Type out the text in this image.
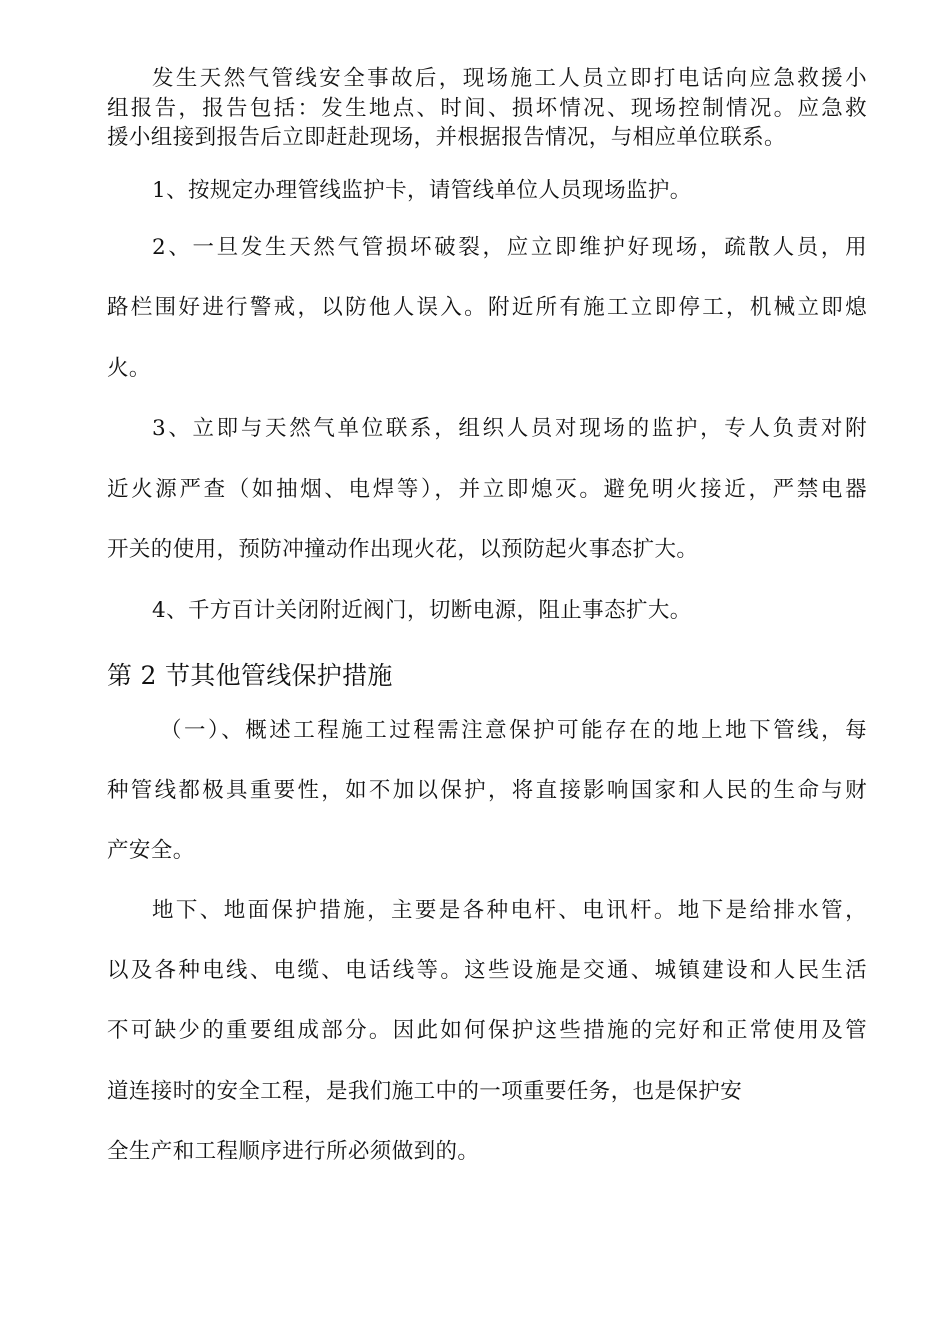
发生天然气管线安全事故后，现场施工人员立即打电话向应急救援小
组报告，报告包括：发生地点、时间、损坏情况、现场控制情况。应急救
援小组接到报告后立即赶赴现场，并根据报告情况，与相应单位联系。
1、按规定办理管线监护卡，请管线单位人员现场监护。
2、一旦发生天然气管损坏破裂，应立即维护好现场，疏散人员，用
路栏围好进行警戒，以防他人误入。附近所有施工立即停工，机械立即熄
火。
3、立即与天然气单位联系，组织人员对现场的监护，专人负责对附
近火源严查（如抽烟、电焊等），并立即熄灭。避免明火接近，严禁电器
开关的使用，预防冲撞动作出现火花，以预防起火事态扩大。
4、千方百计关闭附近阀门，切断电源，阻止事态扩大。
第 2 节其他管线保护措施
（一）、概述工程施工过程需注意保护可能存在的地上地下管线，每
种管线都极具重要性，如不加以保护，将直接影响国家和人民的生命与财
产安全。
地下、地面保护措施，主要是各种电杆、电讯杆。地下是给排水管，
以及各种电线、电缆、电话线等。这些设施是交通、城镇建设和人民生活
不可缺少的重要组成部分。因此如何保护这些措施的完好和正常使用及管
道连接时的安全工程，是我们施工中的一项重要任务，也是保护安
全生产和工程顺序进行所必须做到的。
